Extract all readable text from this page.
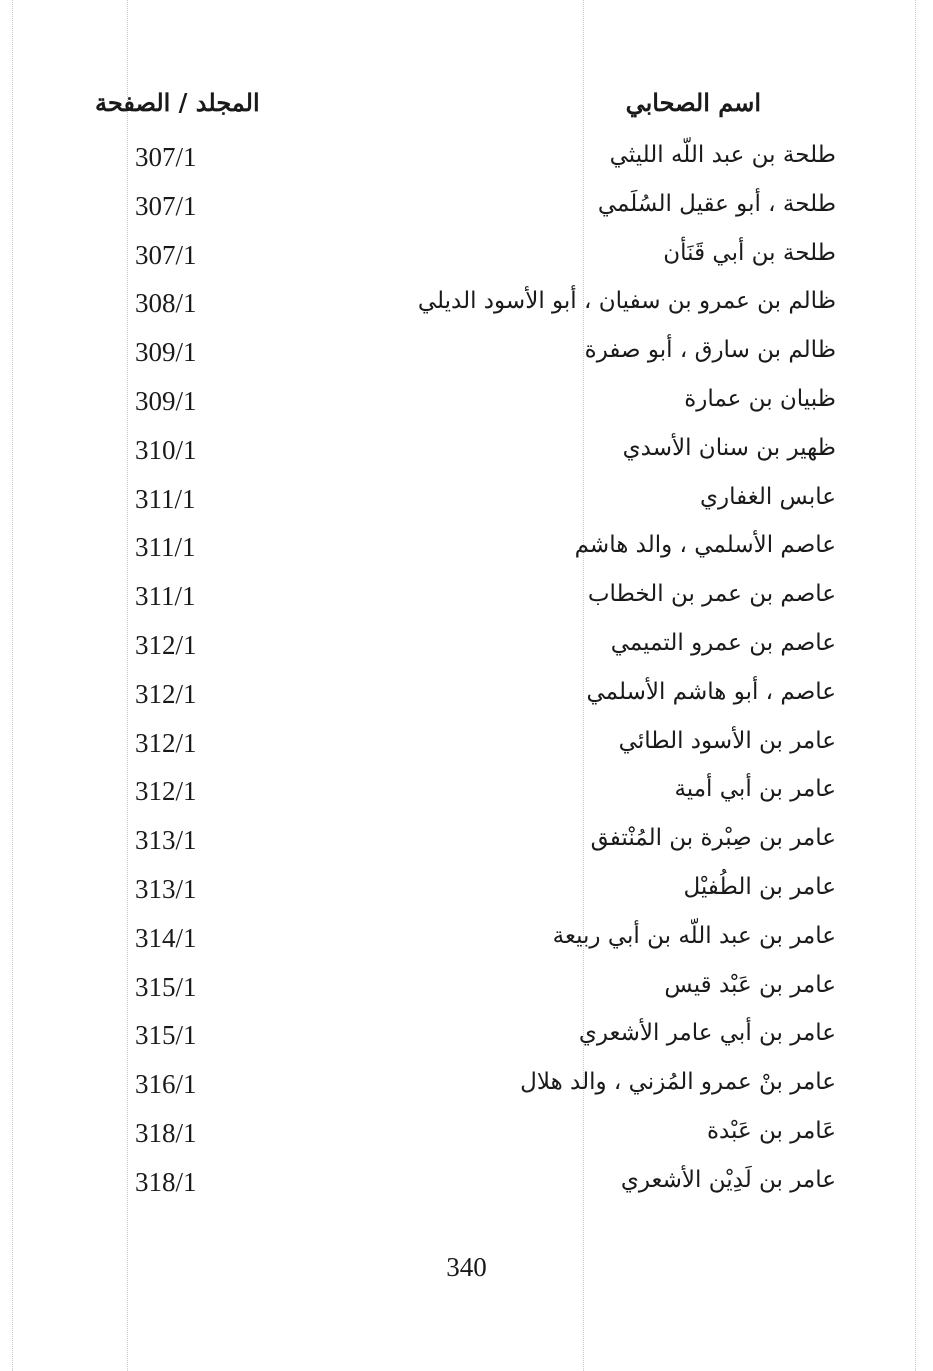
اسم الصحابي
المجلد / الصفحة
طلحة بن عبد اللّه الليثي
307/1
طلحة ، أبو عقيل السُلَمي
307/1
طلحة بن أبي قَنَأن
307/1
ظالم بن عمرو بن سفيان ، أبو الأسود الديلي
308/1
ظالم بن سارق ، أبو صفرة
309/1
ظبيان بن عمارة
309/1
ظهير بن سنان الأسدي
310/1
عابس الغفاري
311/1
عاصم الأسلمي ، والد هاشم
311/1
عاصم بن عمر بن الخطاب
311/1
عاصم بن عمرو التميمي
312/1
عاصم ، أبو هاشم الأسلمي
312/1
عامر بن الأسود الطائي
312/1
عامر بن أبي أمية
312/1
عامر بن صِبْرة بن المُنْتفق
313/1
عامر بن الطُفيْل
313/1
عامر بن عبد اللّه بن أبي ربيعة
314/1
عامر بن عَبْد قيس
315/1
عامر بن أبي عامر الأشعري
315/1
عامر بنْ عمرو المُزني ، والد هلال
316/1
عَامر بن عَبْدة
318/1
عامر بن لَدِيْن الأشعري
318/1
340
